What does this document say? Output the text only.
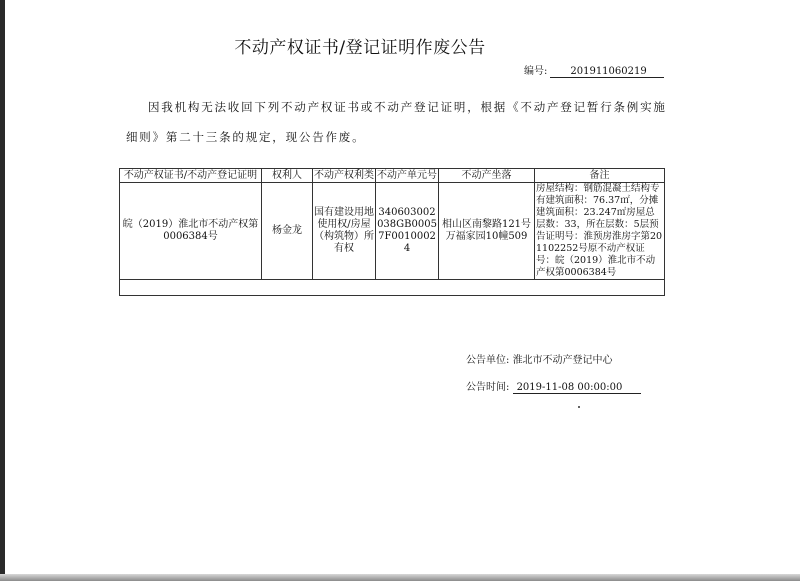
不动产权证书/登记证明作废公告
编号: 201911060219
因我机构无法收回下列不动产权证书或不动产登记证明，根据《不动产登记暂行条例实施细则》第二十三条的规定，现公告作废。
不动产权证书/不动产登记证明	权利人	不动产权利类	不动产单元号	不动产坐落	备注
皖（2019）淮北市不动产权第0006384号	杨金龙	国有建设用地使用权/房屋（构筑物）所有权	340603002038GB00057F00100024	相山区南黎路121号万福家园10幢509	房屋结构：钢筋混凝土结构专有建筑面积：76.37㎡，分摊建筑面积：23.247㎡房屋总层数：33，所在层数：5层预告证明号：淮预房淮房字第201102252号原不动产权证号：皖（2019）淮北市不动产权第0006384号

公告单位: 淮北市不动产登记中心
公告时间: 2019-11-08 00:00:00
